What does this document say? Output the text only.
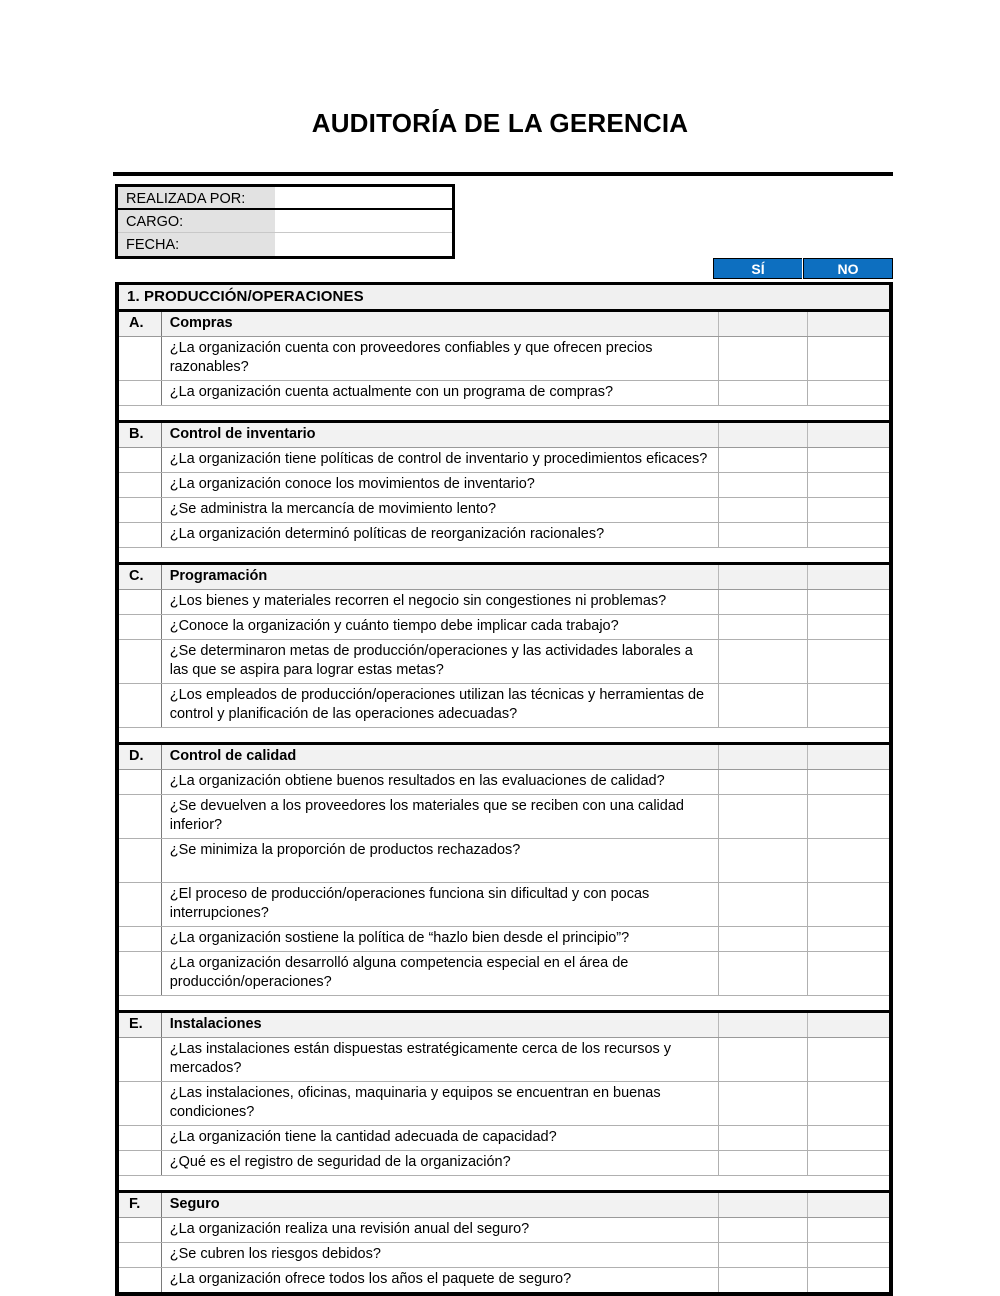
AUDITORÍA DE LA GERENCIA
REALIZADA POR:
CARGO:
FECHA:
SÍ	NO
1. PRODUCCIÓN/OPERACIONES			
A.	Compras		
	¿La organización cuenta con proveedores confiables y que ofrecen precios razonables?		
	¿La organización cuenta actualmente con un programa de compras?		

B.	Control de inventario		
	¿La organización tiene políticas de control de inventario y procedimientos eficaces?		
	¿La organización conoce los movimientos de inventario?		
	¿Se administra la mercancía de movimiento lento?		
	¿La organización determinó políticas de reorganización racionales?		

C.	Programación		
	¿Los bienes y materiales recorren el negocio sin congestiones ni problemas?		
	¿Conoce la organización y cuánto tiempo debe implicar cada trabajo?		
	¿Se determinaron metas de producción/operaciones y las actividades laborales a las que se aspira para lograr estas metas?		
	¿Los empleados de producción/operaciones utilizan las técnicas y herramientas de control y planificación de las operaciones adecuadas?		

D.	Control de calidad		
	¿La organización obtiene buenos resultados en las evaluaciones de calidad?		
	¿Se devuelven a los proveedores los materiales que se reciben con una calidad inferior?		
	¿Se minimiza la proporción de productos rechazados?		
	¿El proceso de producción/operaciones funciona sin dificultad y con pocas interrupciones?		
	¿La organización sostiene la política de “hazlo bien desde el principio”?		
	¿La organización desarrolló alguna competencia especial en el área de producción/operaciones?		

E.	Instalaciones		
	¿Las instalaciones están dispuestas estratégicamente cerca de los recursos y mercados?		
	¿Las instalaciones, oficinas, maquinaria y equipos se encuentran en buenas condiciones?		
	¿La organización tiene la cantidad adecuada de capacidad?		
	¿Qué es el registro de seguridad de la organización?		

F.	Seguro		
	¿La organización realiza una revisión anual del seguro?		
	¿Se cubren los riesgos debidos?		
	¿La organización ofrece todos los años el paquete de seguro?		
